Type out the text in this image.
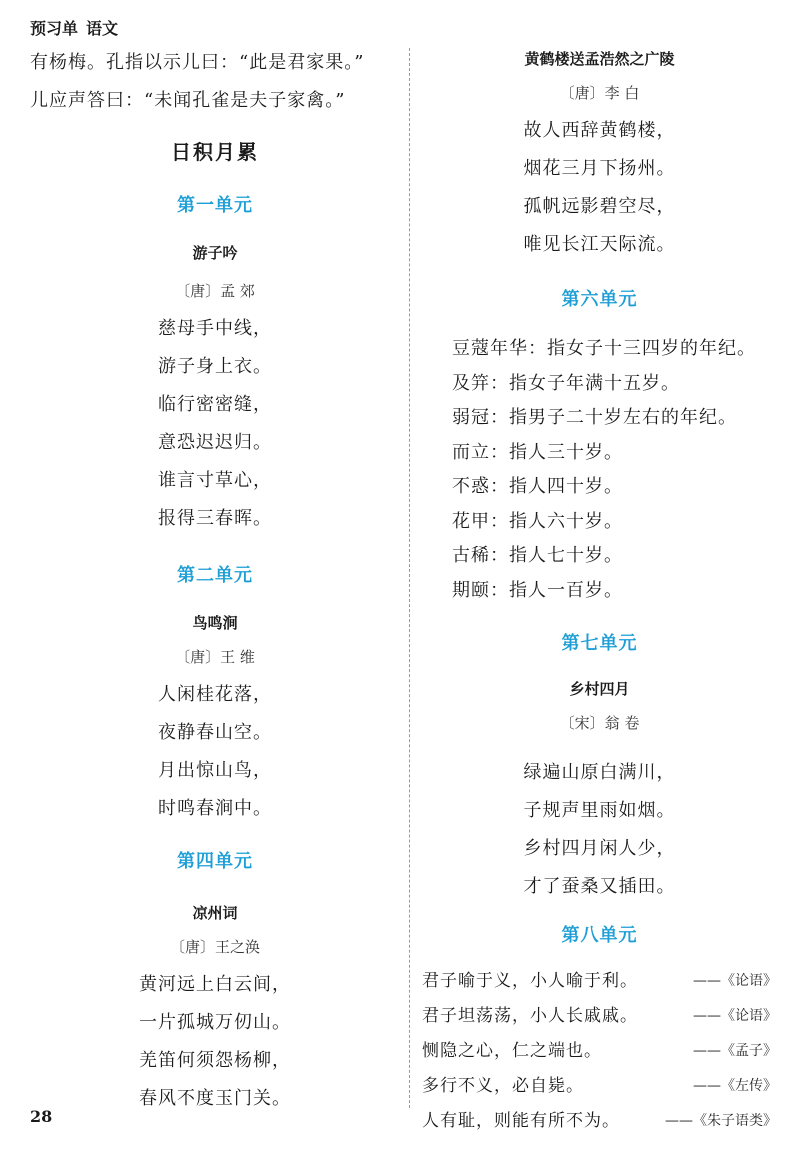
预习单 语文
有杨梅。孔指以示儿曰：“此是君家果。”
儿应声答曰：“未闻孔雀是夫子家禽。”
日积月累
第一单元
游子吟
〔唐〕孟 郊
慈母手中线，
游子身上衣。
临行密密缝，
意恐迟迟归。
谁言寸草心，
报得三春晖。
第二单元
鸟鸣涧
〔唐〕王 维
人闲桂花落，
夜静春山空。
月出惊山鸟，
时鸣春涧中。
第四单元
凉州词
〔唐〕王之涣
黄河远上白云间，
一片孤城万仞山。
羌笛何须怨杨柳，
春风不度玉门关。
黄鹤楼送孟浩然之广陵
〔唐〕李 白
故人西辞黄鹤楼，
烟花三月下扬州。
孤帆远影碧空尽，
唯见长江天际流。
第六单元
豆蔻年华：指女子十三四岁的年纪。
及笄：指女子年满十五岁。
弱冠：指男子二十岁左右的年纪。
而立：指人三十岁。
不惑：指人四十岁。
花甲：指人六十岁。
古稀：指人七十岁。
期颐：指人一百岁。
第七单元
乡村四月
〔宋〕翁 卷
绿遍山原白满川，
子规声里雨如烟。
乡村四月闲人少，
才了蚕桑又插田。
第八单元
君子喻于义，小人喻于利。	——《论语》
君子坦荡荡，小人长戚戚。	——《论语》
恻隐之心，仁之端也。	——《孟子》
多行不义，必自毙。	——《左传》
人有耻，则能有所不为。	——《朱子语类》
28
